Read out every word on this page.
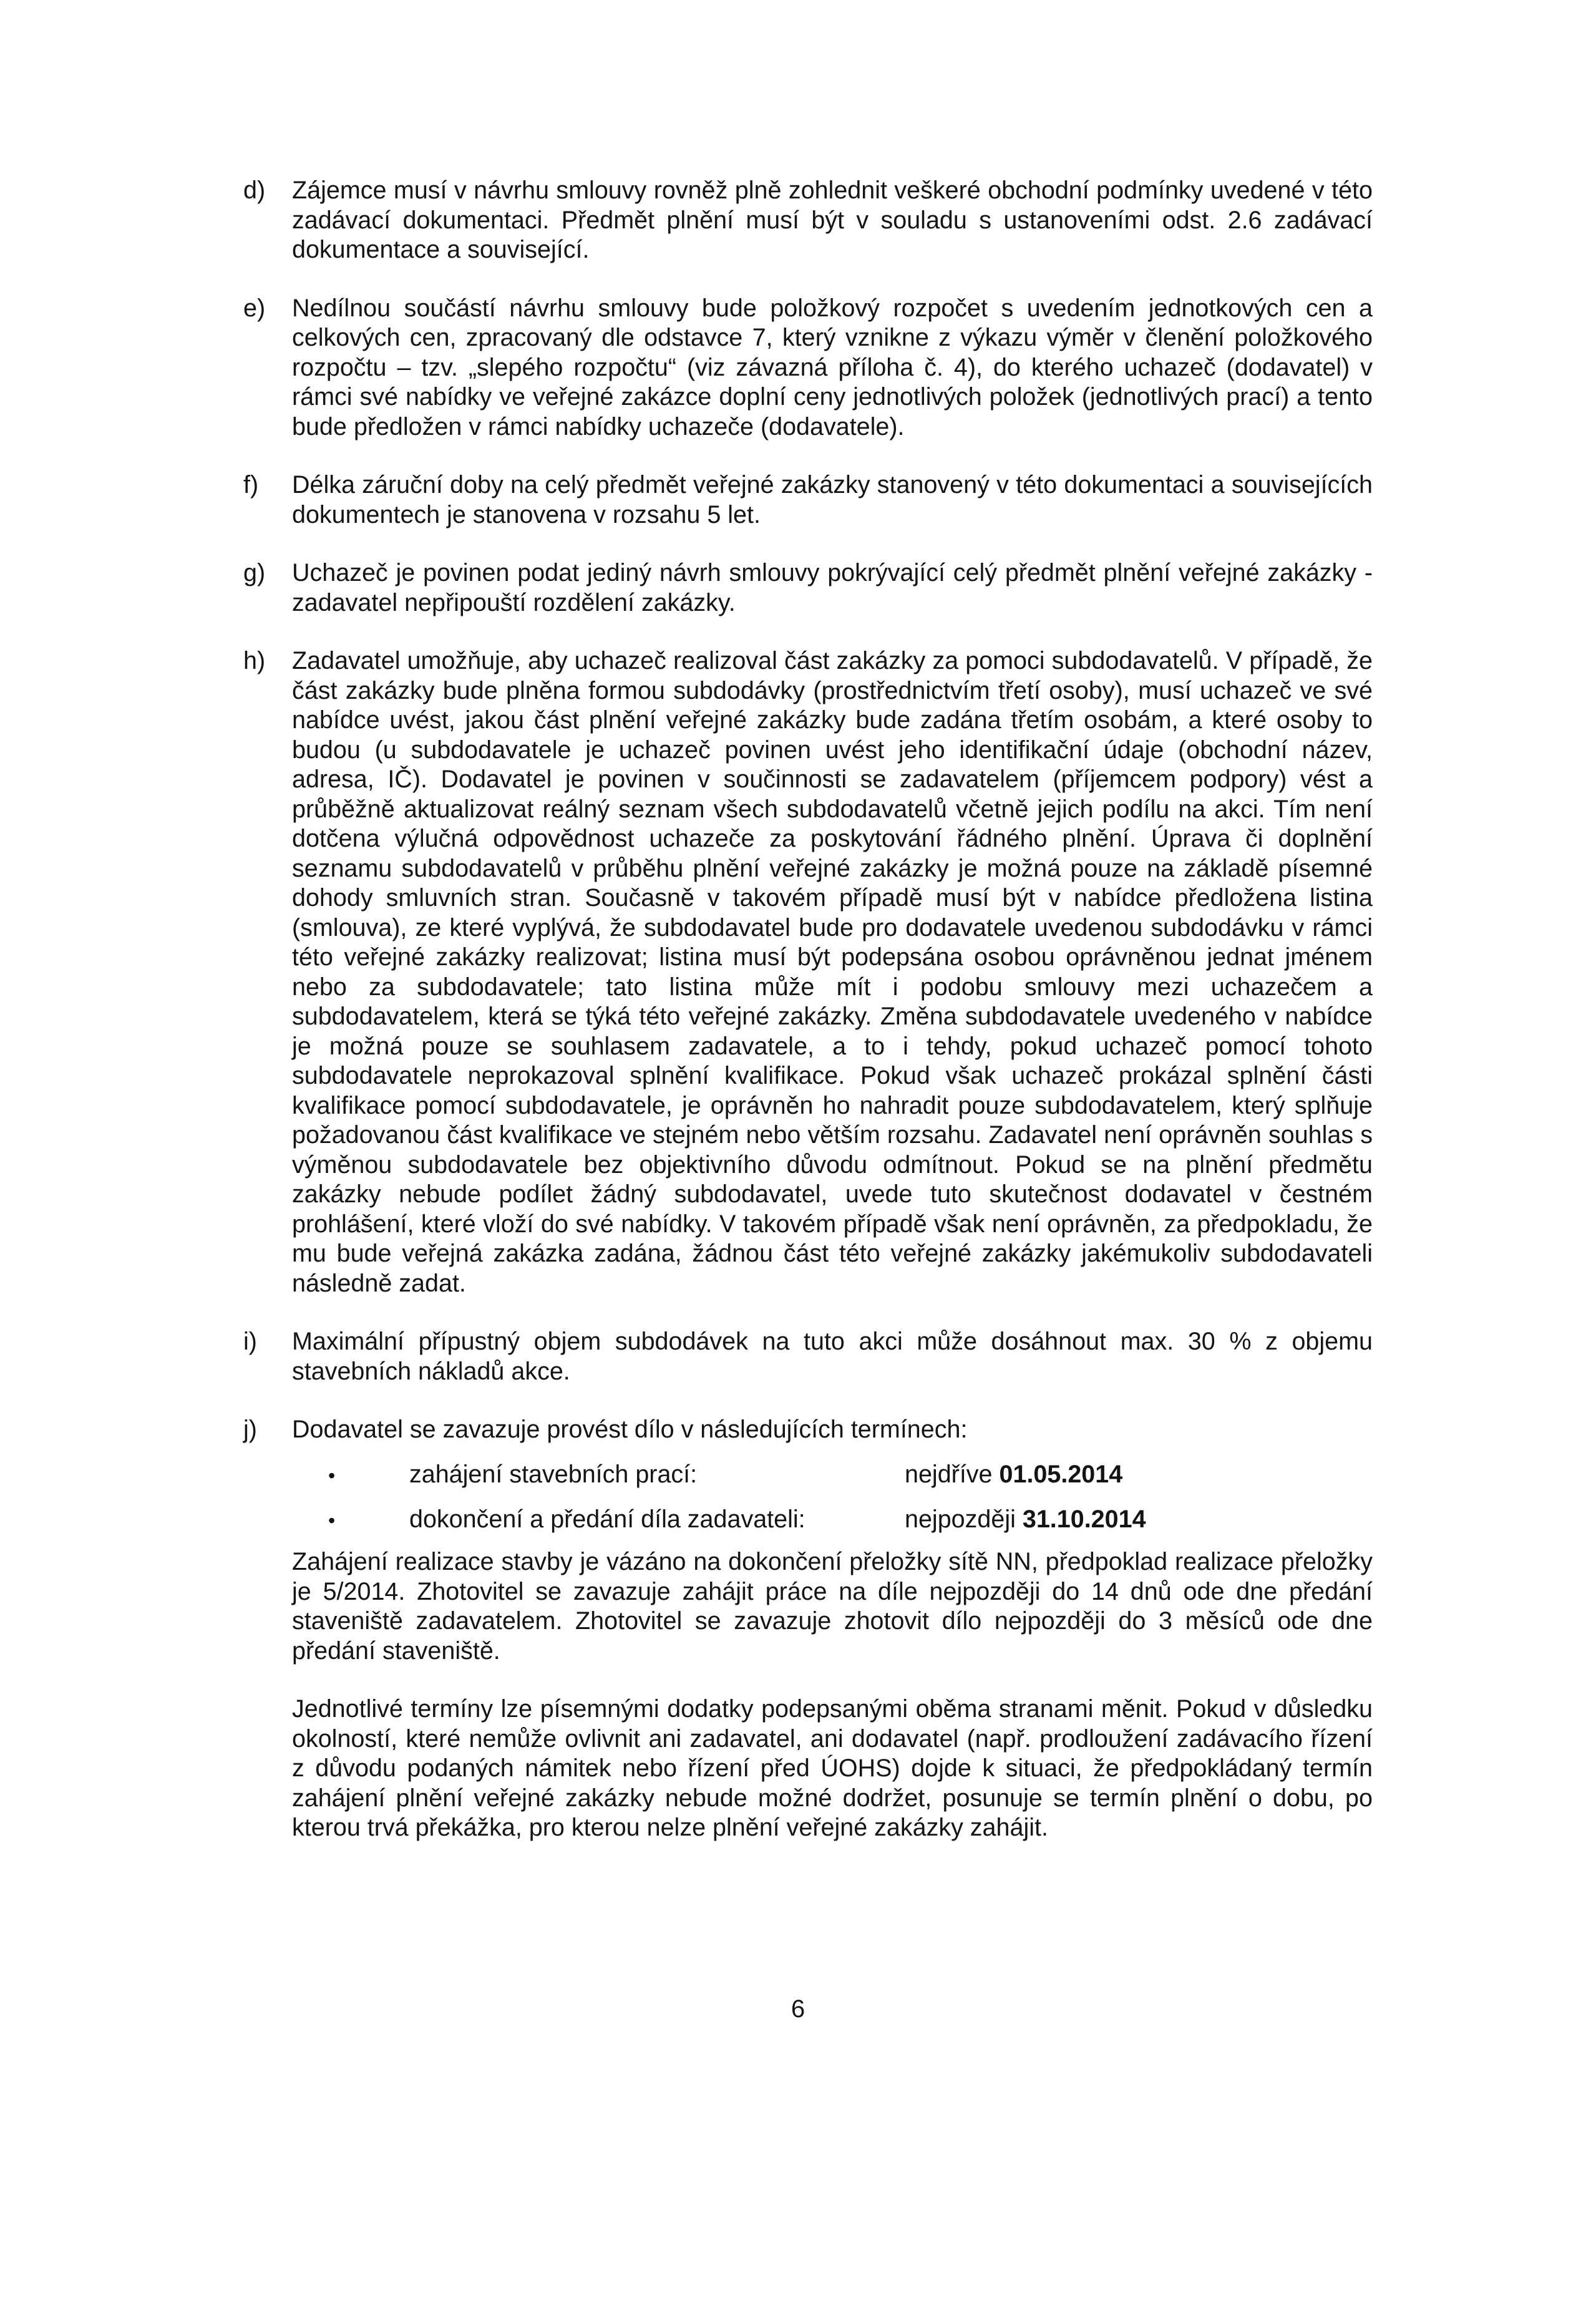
d)	Zájemce musí v návrhu smlouvy rovněž plně zohlednit veškeré obchodní podmínky uvedené v této zadávací dokumentaci. Předmět plnění musí být v souladu s ustanoveními odst. 2.6 zadávací dokumentace a související.

e)	Nedílnou součástí návrhu smlouvy bude položkový rozpočet s uvedením jednotkových cen a celkových cen, zpracovaný dle odstavce 7, který vznikne z výkazu výměr v členění položkového rozpočtu – tzv. „slepého rozpočtu“ (viz závazná příloha č. 4), do kterého uchazeč (dodavatel) v rámci své nabídky ve veřejné zakázce doplní ceny jednotlivých položek (jednotlivých prací) a tento bude předložen v rámci nabídky uchazeče (dodavatele).

f)	Délka záruční doby na celý předmět veřejné zakázky stanovený v této dokumentaci a souvisejících dokumentech je stanovena v rozsahu 5 let.

g)	Uchazeč je povinen podat jediný návrh smlouvy pokrývající celý předmět plnění veřejné zakázky - zadavatel nepřipouští rozdělení zakázky.

h)	Zadavatel umožňuje, aby uchazeč realizoval část zakázky za pomoci subdodavatelů. V případě, že část zakázky bude plněna formou subdodávky (prostřednictvím třetí osoby), musí uchazeč ve své nabídce uvést, jakou část plnění veřejné zakázky bude zadána třetím osobám, a které osoby to budou (u subdodavatele je uchazeč povinen uvést jeho identifikační údaje (obchodní název, adresa, IČ). Dodavatel je povinen v součinnosti se zadavatelem (příjemcem podpory) vést a průběžně aktualizovat reálný seznam všech subdodavatelů včetně jejich podílu na akci. Tím není dotčena výlučná odpovědnost uchazeče za poskytování řádného plnění. Úprava či doplnění seznamu subdodavatelů v průběhu plnění veřejné zakázky je možná pouze na základě písemné dohody smluvních stran. Současně v takovém případě musí být v nabídce předložena listina (smlouva), ze které vyplývá, že subdodavatel bude pro dodavatele uvedenou subdodávku v rámci této veřejné zakázky realizovat; listina musí být podepsána osobou oprávněnou jednat jménem nebo za subdodavatele; tato listina může mít i podobu smlouvy mezi uchazečem a subdodavatelem, která se týká této veřejné zakázky. Změna subdodavatele uvedeného v nabídce je možná pouze se souhlasem zadavatele, a to i tehdy, pokud uchazeč pomocí tohoto subdodavatele neprokazoval splnění kvalifikace. Pokud však uchazeč prokázal splnění části kvalifikace pomocí subdodavatele, je oprávněn ho nahradit pouze subdodavatelem, který splňuje požadovanou část kvalifikace ve stejném nebo větším rozsahu. Zadavatel není oprávněn souhlas s výměnou subdodavatele bez objektivního důvodu odmítnout. Pokud se na plnění předmětu zakázky nebude podílet žádný subdodavatel, uvede tuto skutečnost dodavatel v čestném prohlášení, které vloží do své nabídky. V takovém případě však není oprávněn, za předpokladu, že mu bude veřejná zakázka zadána, žádnou část této veřejné zakázky jakémukoliv subdodavateli následně zadat.

i)	Maximální přípustný objem subdodávek na tuto akci může dosáhnout max. 30 % z objemu stavebních nákladů akce.

j)	Dodavatel se zavazuje provést dílo v následujících termínech:

•	zahájení stavebních prací:	nejdříve 01.05.2014
•	dokončení a předání díla zadavateli:	nejpozději 31.10.2014

Zahájení realizace stavby je vázáno na dokončení přeložky sítě NN, předpoklad realizace přeložky je 5/2014. Zhotovitel se zavazuje zahájit práce na díle nejpozději do 14 dnů ode dne předání staveniště zadavatelem. Zhotovitel se zavazuje zhotovit dílo nejpozději do 3 měsíců ode dne předání staveniště.

Jednotlivé termíny lze písemnými dodatky podepsanými oběma stranami měnit. Pokud v důsledku okolností, které nemůže ovlivnit ani zadavatel, ani dodavatel (např. prodloužení zadávacího řízení z důvodu podaných námitek nebo řízení před ÚOHS) dojde k situaci, že předpokládaný termín zahájení plnění veřejné zakázky nebude možné dodržet, posunuje se termín plnění o dobu, po kterou trvá překážka, pro kterou nelze plnění veřejné zakázky zahájit.

6
